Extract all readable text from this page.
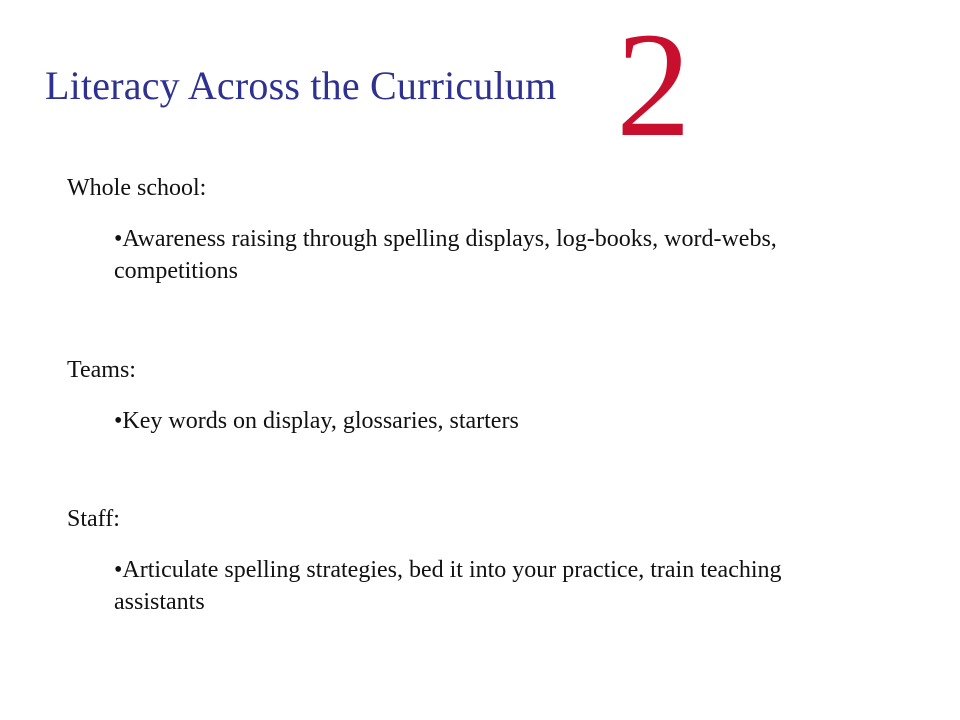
Literacy Across the Curriculum 2

Whole school:

•Awareness raising through spelling displays, log-books, word-webs, competitions

Teams:

•Key words on display, glossaries, starters

Staff:

•Articulate spelling strategies, bed it into your practice, train teaching assistants
